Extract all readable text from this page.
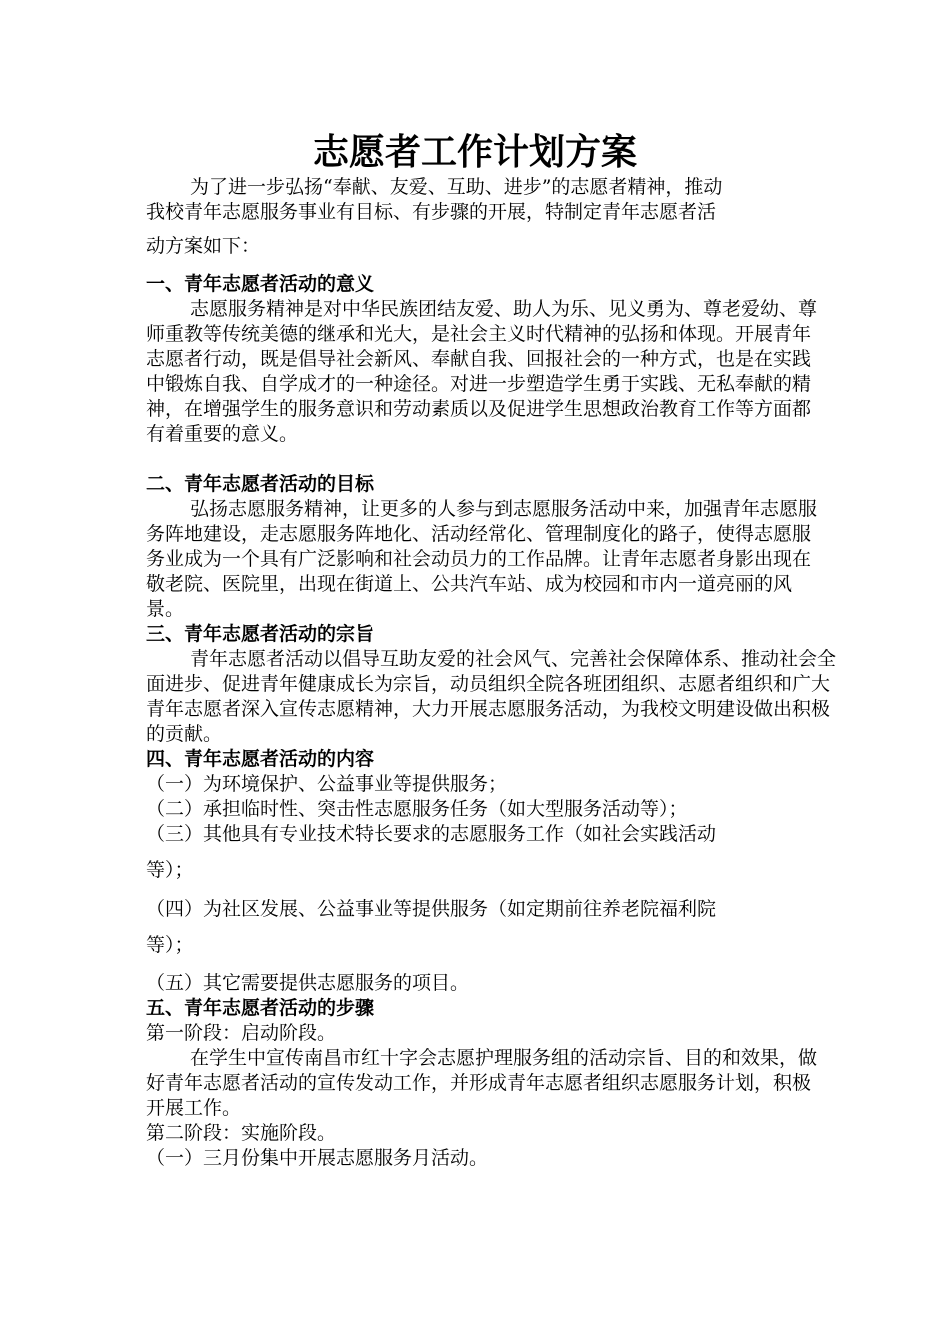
志愿者工作计划方案

为了进一步弘扬“奉献、友爱、互助、进步”的志愿者精神，推动

我校青年志愿服务事业有目标、有步骤的开展，特制定青年志愿者活

动方案如下：

一、青年志愿者活动的意义

志愿服务精神是对中华民族团结友爱、助人为乐、见义勇为、尊老爱幼、尊师重教等传统美德的继承和光大，是社会主义时代精神的弘扬和体现。开展青年志愿者行动，既是倡导社会新风、奉献自我、回报社会的一种方式，也是在实践中锻炼自我、自学成才的一种途径。对进一步塑造学生勇于实践、无私奉献的精神，在增强学生的服务意识和劳动素质以及促进学生思想政治教育工作等方面都有着重要的意义。

二、青年志愿者活动的目标

弘扬志愿服务精神，让更多的人参与到志愿服务活动中来，加强青年志愿服务阵地建设，走志愿服务阵地化、活动经常化、管理制度化的路子，使得志愿服务业成为一个具有广泛影响和社会动员力的工作品牌。让青年志愿者身影出现在敬老院、医院里，出现在街道上、公共汽车站、成为校园和市内一道亮丽的风景。

三、青年志愿者活动的宗旨

青年志愿者活动以倡导互助友爱的社会风气、完善社会保障体系、推动社会全面进步、促进青年健康成长为宗旨，动员组织全院各班团组织、志愿者组织和广大青年志愿者深入宣传志愿精神，大力开展志愿服务活动，为我校文明建设做出积极的贡献。

四、青年志愿者活动的内容

（一）为环境保护、公益事业等提供服务；

（二）承担临时性、突击性志愿服务任务（如大型服务活动等）；

（三）其他具有专业技术特长要求的志愿服务工作（如社会实践活动

等）；

（四）为社区发展、公益事业等提供服务（如定期前往养老院福利院

等）；

（五）其它需要提供志愿服务的项目。

五、青年志愿者活动的步骤

第一阶段：启动阶段。

在学生中宣传南昌市红十字会志愿护理服务组的活动宗旨、目的和效果，做好青年志愿者活动的宣传发动工作，并形成青年志愿者组织志愿服务计划，积极开展工作。

第二阶段：实施阶段。

（一）三月份集中开展志愿服务月活动。
